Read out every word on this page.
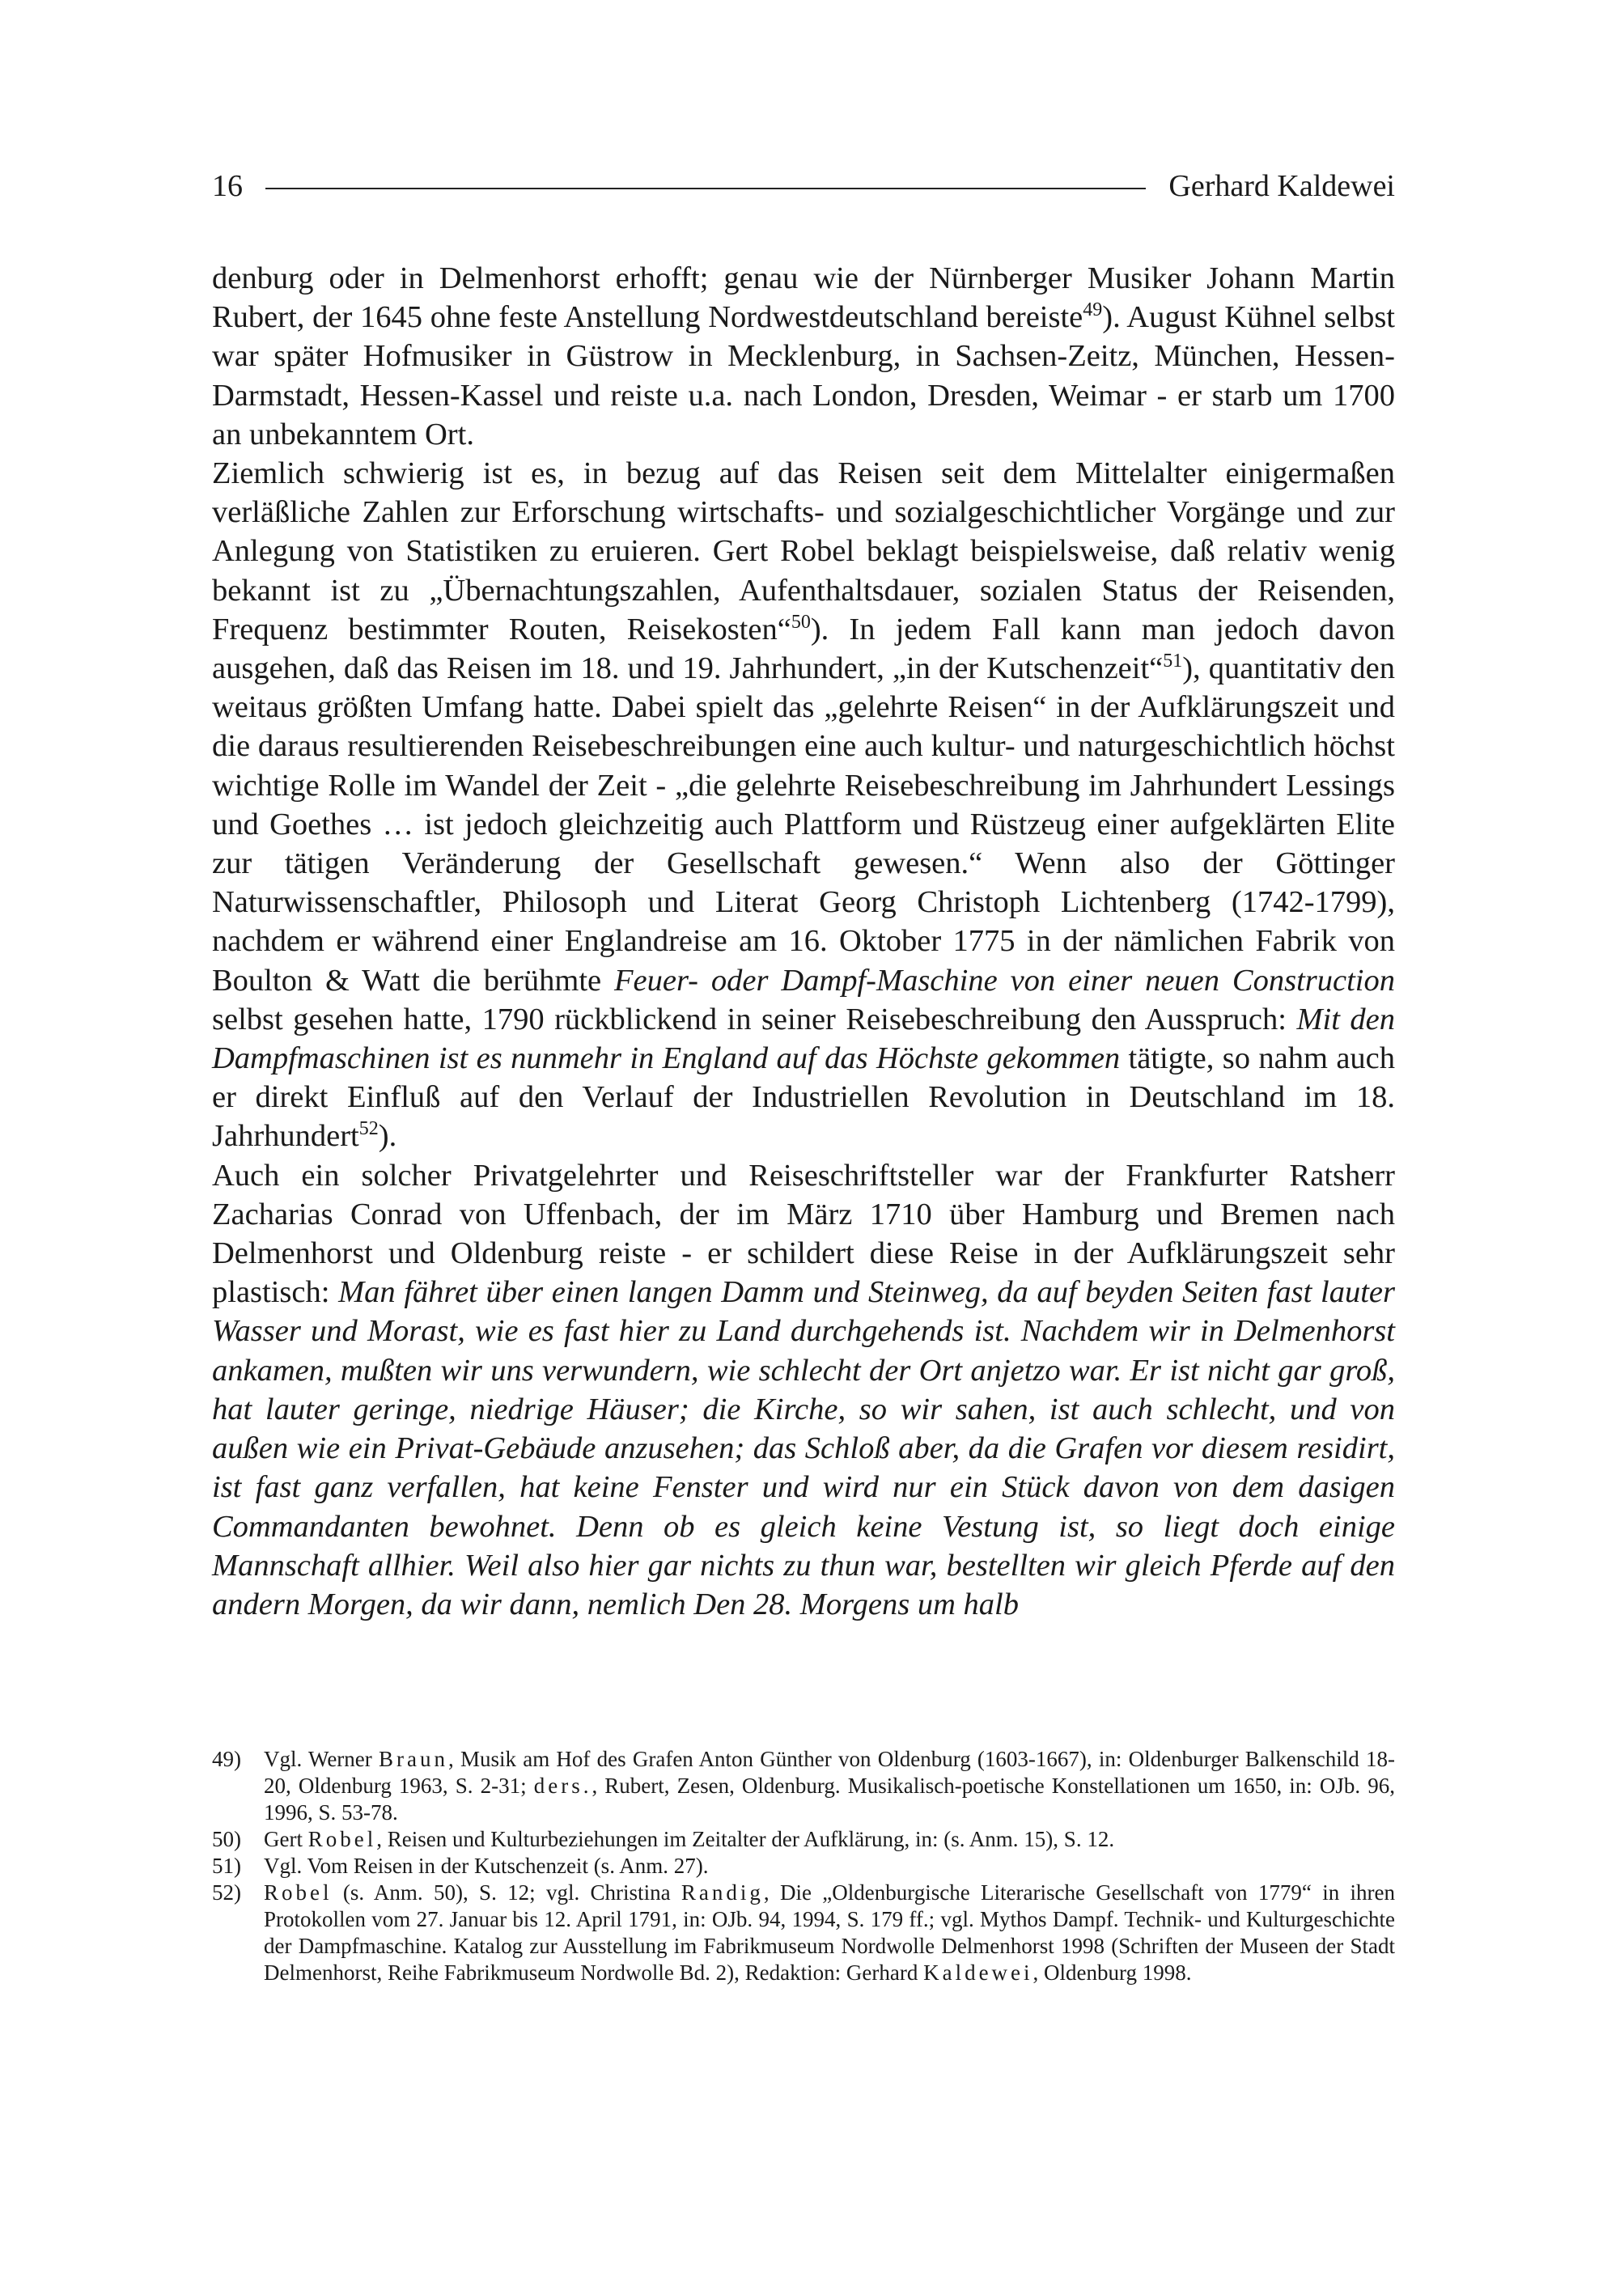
16	Gerhard Kaldewei

denburg oder in Delmenhorst erhofft; genau wie der Nürnberger Musiker Johann Martin Rubert, der 1645 ohne feste Anstellung Nordwestdeutschland bereiste$^{49}$). August Kühnel selbst war später Hofmusiker in Güstrow in Mecklenburg, in Sachsen-Zeitz, München, Hessen-Darmstadt, Hessen-Kassel und reiste u.a. nach London, Dresden, Weimar - er starb um 1700 an unbekanntem Ort.

Ziemlich schwierig ist es, in bezug auf das Reisen seit dem Mittelalter einigermaßen verläßliche Zahlen zur Erforschung wirtschafts- und sozialgeschichtlicher Vorgänge und zur Anlegung von Statistiken zu eruieren. Gert Robel beklagt beispielsweise, daß relativ wenig bekannt ist zu „Übernachtungszahlen, Aufenthaltsdauer, sozialen Status der Reisenden, Frequenz bestimmter Routen, Reisekosten“$^{50}$). In jedem Fall kann man jedoch davon ausgehen, daß das Reisen im 18. und 19. Jahrhundert, „in der Kutschenzeit“$^{51}$), quantitativ den weitaus größten Umfang hatte. Dabei spielt das „gelehrte Reisen“ in der Aufklärungszeit und die daraus resultierenden Reisebeschreibungen eine auch kultur- und naturgeschichtlich höchst wichtige Rolle im Wandel der Zeit - „die gelehrte Reisebeschreibung im Jahrhundert Lessings und Goethes … ist jedoch gleichzeitig auch Plattform und Rüstzeug einer aufgeklärten Elite zur tätigen Veränderung der Gesellschaft gewesen.“ Wenn also der Göttinger Naturwissenschaftler, Philosoph und Literat Georg Christoph Lichtenberg (1742-1799), nachdem er während einer Englandreise am 16. Oktober 1775 in der nämlichen Fabrik von Boulton & Watt die berühmte Feuer- oder Dampf-Maschine von einer neuen Construction selbst gesehen hatte, 1790 rückblickend in seiner Reisebeschreibung den Ausspruch: Mit den Dampfmaschinen ist es nunmehr in England auf das Höchste gekommen tätigte, so nahm auch er direkt Einfluß auf den Verlauf der Industriellen Revolution in Deutschland im 18. Jahrhundert$^{52}$).

Auch ein solcher Privatgelehrter und Reiseschriftsteller war der Frankfurter Ratsherr Zacharias Conrad von Uffenbach, der im März 1710 über Hamburg und Bremen nach Delmenhorst und Oldenburg reiste - er schildert diese Reise in der Aufklärungszeit sehr plastisch: Man fähret über einen langen Damm und Steinweg, da auf beyden Seiten fast lauter Wasser und Morast, wie es fast hier zu Land durchgehends ist. Nachdem wir in Delmenhorst ankamen, mußten wir uns verwundern, wie schlecht der Ort anjetzo war. Er ist nicht gar groß, hat lauter geringe, niedrige Häuser; die Kirche, so wir sahen, ist auch schlecht, und von außen wie ein Privat-Gebäude anzusehen; das Schloß aber, da die Grafen vor diesem residirt, ist fast ganz verfallen, hat keine Fenster und wird nur ein Stück davon von dem dasigen Commandanten bewohnet. Denn ob es gleich keine Vestung ist, so liegt doch einige Mannschaft allhier. Weil also hier gar nichts zu thun war, bestellten wir gleich Pferde auf den andern Morgen, da wir dann, nemlich Den 28. Morgens um halb

49)	Vgl. Werner Braun, Musik am Hof des Grafen Anton Günther von Oldenburg (1603-1667), in: Oldenburger Balkenschild 18-20, Oldenburg 1963, S. 2-31; ders., Rubert, Zesen, Oldenburg. Musikalisch-poetische Konstellationen um 1650, in: OJb. 96, 1996, S. 53-78.
50)	Gert Robel, Reisen und Kulturbeziehungen im Zeitalter der Aufklärung, in: (s. Anm. 15), S. 12.
51)	Vgl. Vom Reisen in der Kutschenzeit (s. Anm. 27).
52)	Robel (s. Anm. 50), S. 12; vgl. Christina Randig, Die „Oldenburgische Literarische Gesellschaft von 1779“ in ihren Protokollen vom 27. Januar bis 12. April 1791, in: OJb. 94, 1994, S. 179 ff.; vgl. Mythos Dampf. Technik- und Kulturgeschichte der Dampfmaschine. Katalog zur Ausstellung im Fabrikmuseum Nordwolle Delmenhorst 1998 (Schriften der Museen der Stadt Delmenhorst, Reihe Fabrikmuseum Nordwolle Bd. 2), Redaktion: Gerhard Kaldewei, Oldenburg 1998.
